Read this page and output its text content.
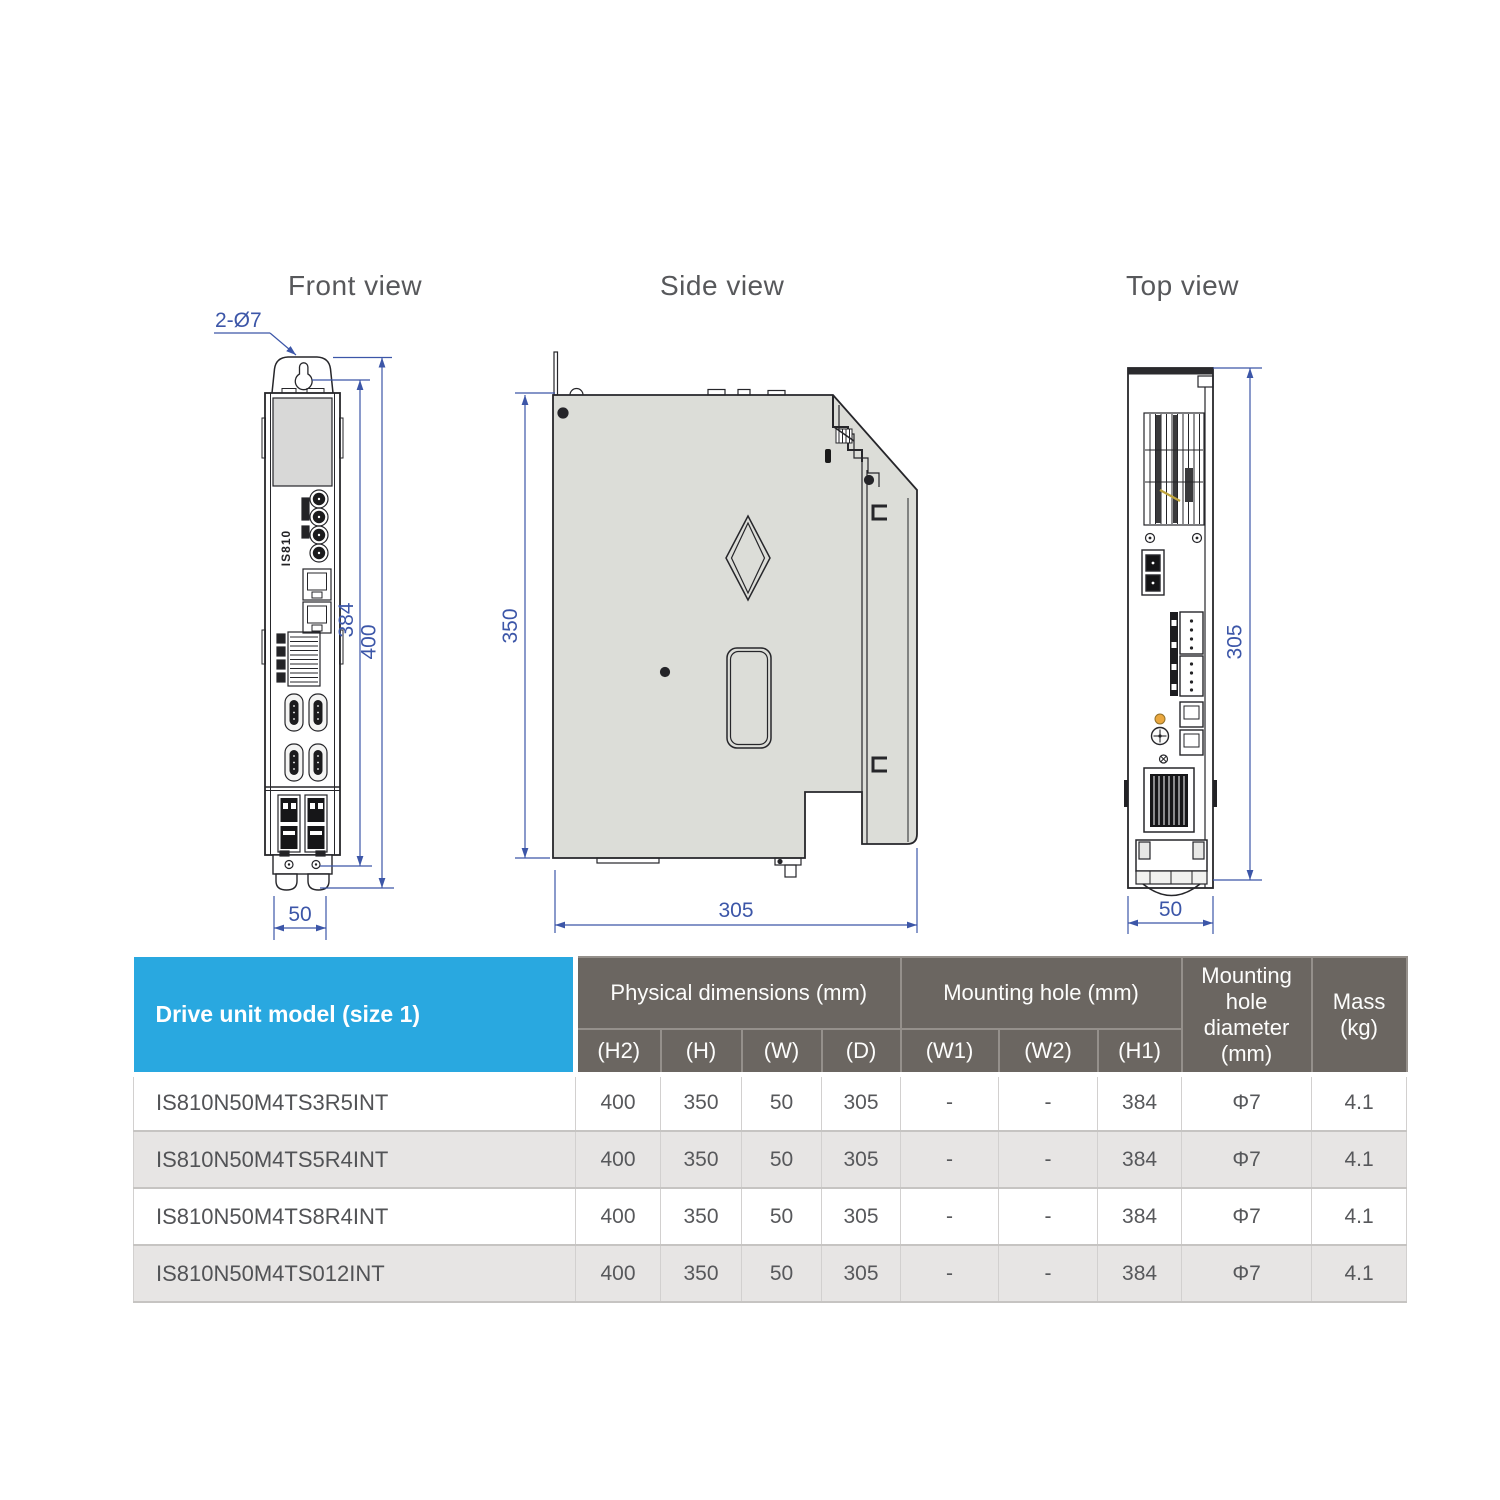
Front view	Side view	Top view
IS810
384
400
50
2-Ø7
350
305
305
50
Drive unit model (size 1)	Physical dimensions (mm)				Mounting hole (mm)			Mounting hole diameter (mm)	Mass (kg)
	(H2)	(H)	(W)	(D)	(W1)	(W2)	(H1)		
IS810N50M4TS3R5INT	400	350	50	305	-	-	384	Φ7	4.1
IS810N50M4TS5R4INT	400	350	50	305	-	-	384	Φ7	4.1
IS810N50M4TS8R4INT	400	350	50	305	-	-	384	Φ7	4.1
IS810N50M4TS012INT	400	350	50	305	-	-	384	Φ7	4.1
